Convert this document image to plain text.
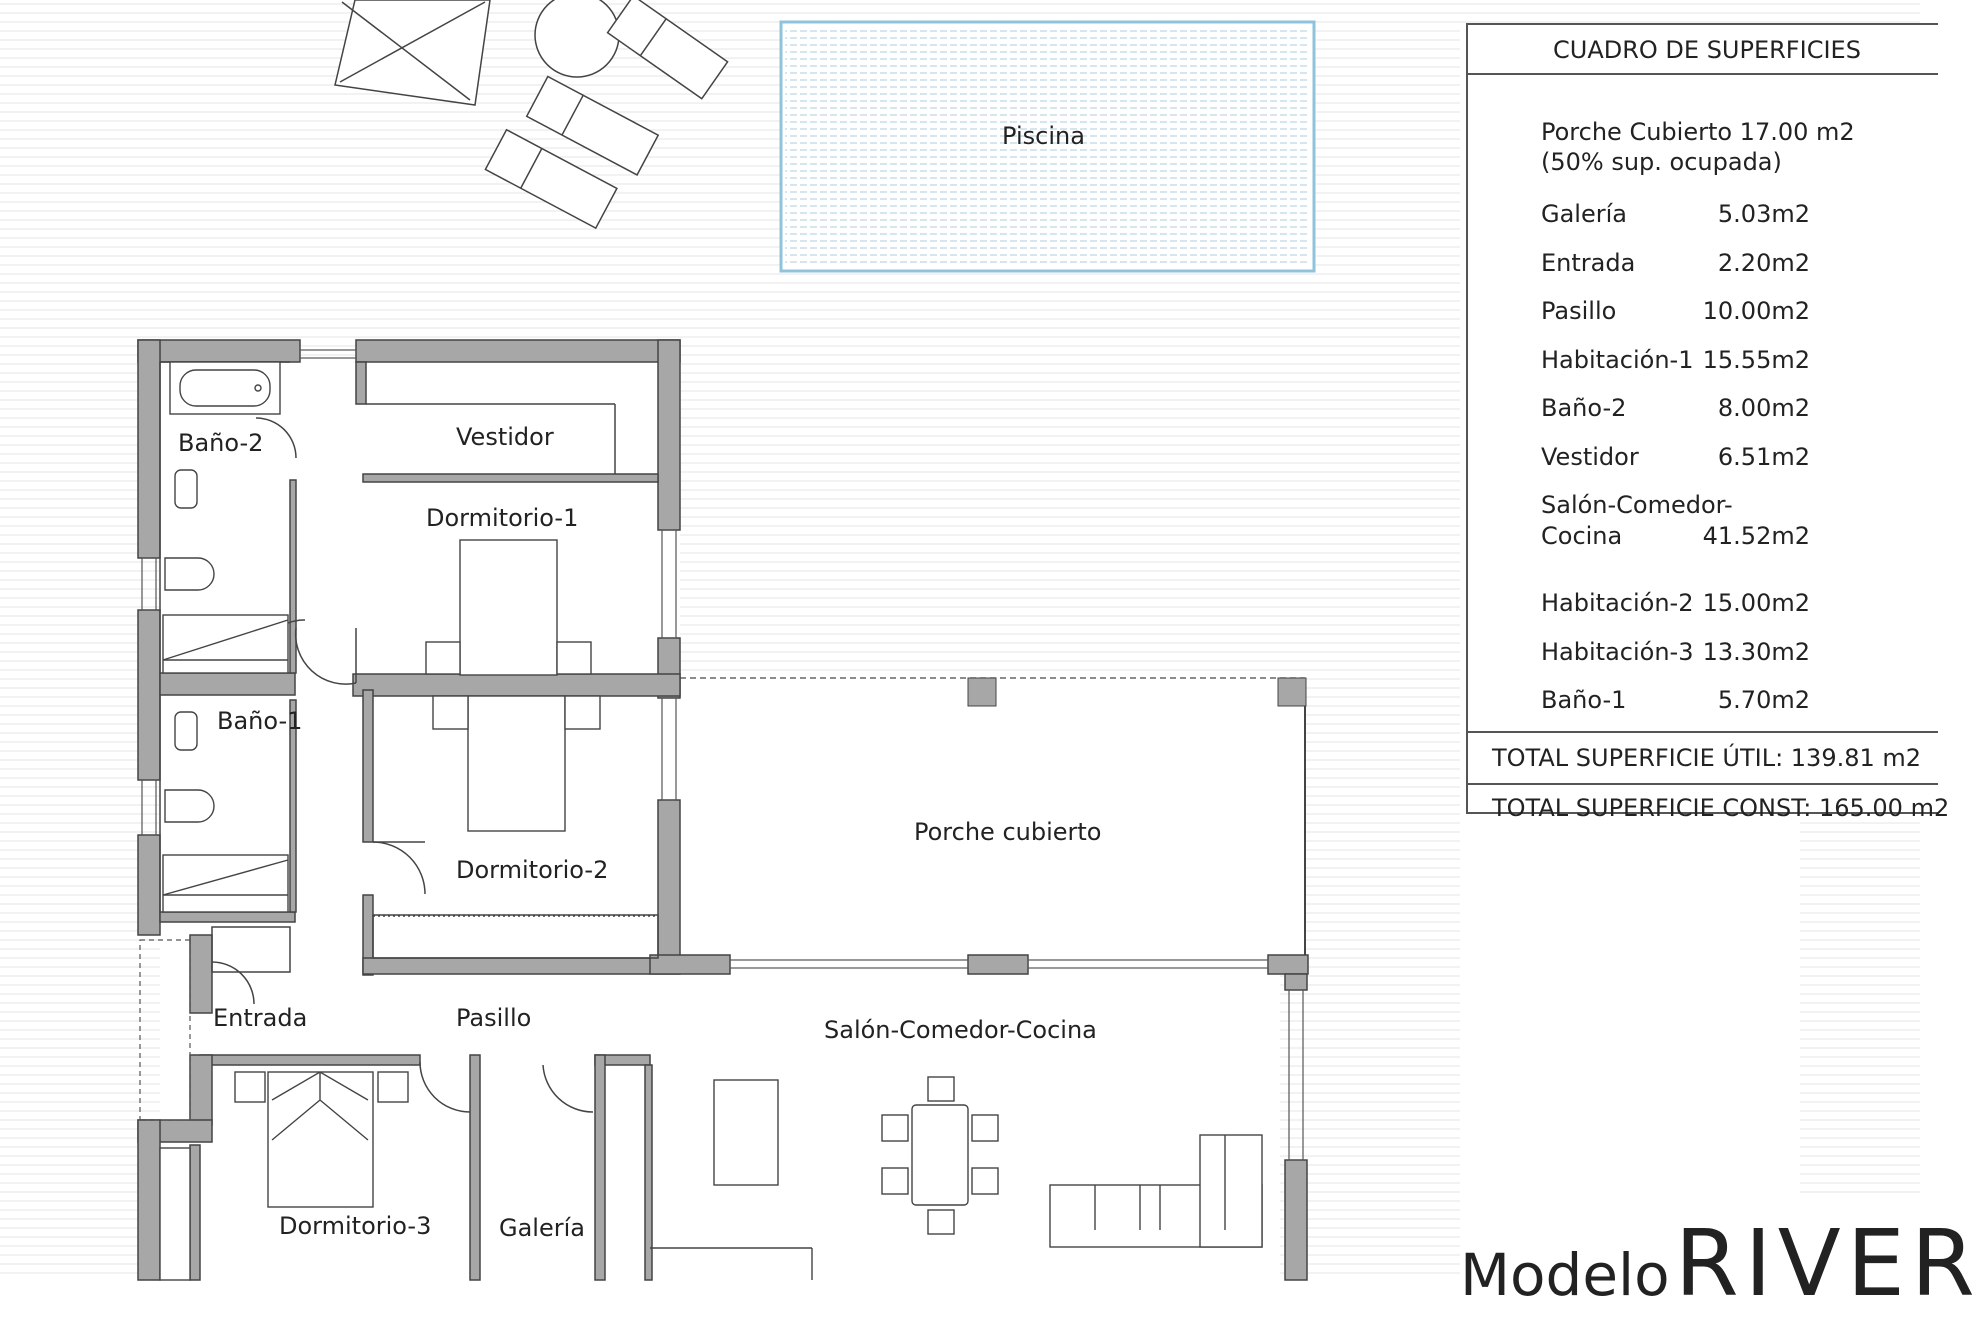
Piscina
Baño-2	Vestidor
Dormitorio-1
Baño-1
Dormitorio-2
Porche cubierto
Entrada	Pasillo	Salón-Comedor-Cocina
Dormitorio-3	Galería
CUADRO DE SUPERFICIES
Porche Cubierto 17.00 m2
(50% sup. ocupada)
Galería	5.03m2
Entrada	2.20m2
Pasillo	10.00m2
Habitación-1 15.55m2
Baño-2	8.00m2
Vestidor	6.51m2
Salón-Comedor-
Cocina	41.52m2
Habitación-2 15.00m2
Habitación-3 13.30m2
Baño-1	5.70m2
TOTAL SUPERFICIE ÚTIL: 139.81 m2
TOTAL SUPERFICIE CONST: 165.00 m2
Modelo RIVER
